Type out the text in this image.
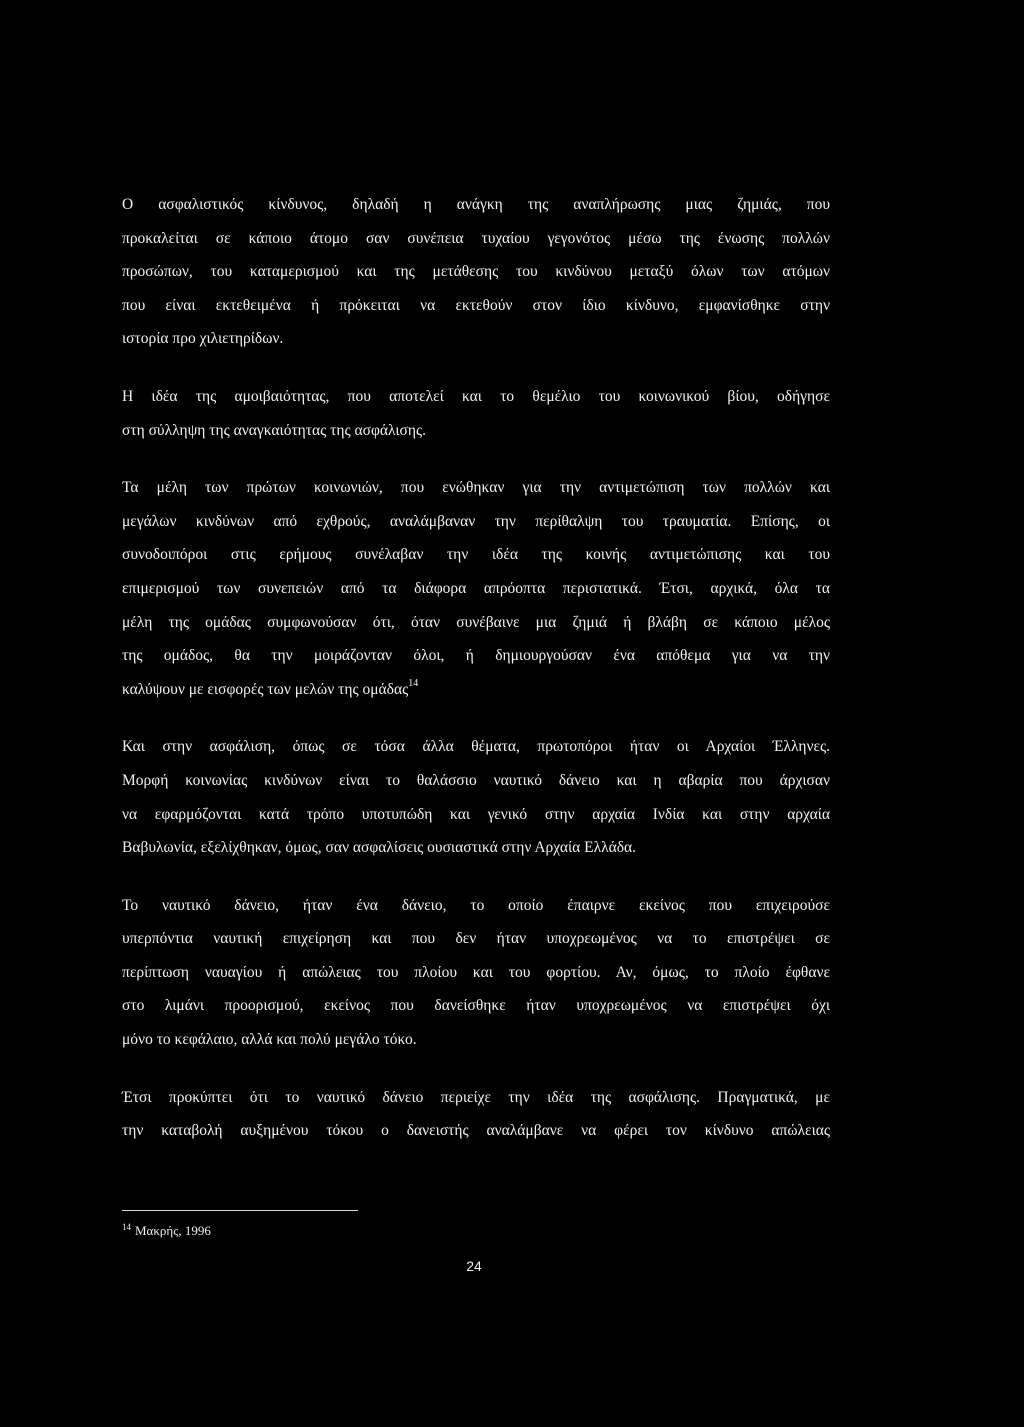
Ο ασφαλιστικός κίνδυνος, δηλαδή η ανάγκη της αναπλήρωσης μιας ζημιάς, που
προκαλείται σε κάποιο άτομο σαν συνέπεια τυχαίου γεγονότος μέσω της ένωσης πολλών
προσώπων, του καταμερισμού και της μετάθεσης του κινδύνου μεταξύ όλων των ατόμων
που είναι εκτεθειμένα ή πρόκειται να εκτεθούν στον ίδιο κίνδυνο, εμφανίσθηκε στην
ιστορία προ χιλιετηρίδων.

Η ιδέα της αμοιβαιότητας, που αποτελεί και το θεμέλιο του κοινωνικού βίου, οδήγησε
στη σύλληψη της αναγκαιότητας της ασφάλισης.

Τα μέλη των πρώτων κοινωνιών, που ενώθηκαν για την αντιμετώπιση των πολλών και
μεγάλων κινδύνων από εχθρούς, αναλάμβαναν την περίθαλψη του τραυματία. Επίσης, οι
συνοδοιπόροι στις ερήμους συνέλαβαν την ιδέα της κοινής αντιμετώπισης και του
επιμερισμού των συνεπειών από τα διάφορα απρόοπτα περιστατικά. Έτσι, αρχικά, όλα τα
μέλη της ομάδας συμφωνούσαν ότι, όταν συνέβαινε μια ζημιά ή βλάβη σε κάποιο μέλος
της ομάδος, θα την μοιράζονταν όλοι, ή δημιουργούσαν ένα απόθεμα για να την
καλύψουν με εισφορές των μελών της ομάδας$^{14}$

Και στην ασφάλιση, όπως σε τόσα άλλα θέματα, πρωτοπόροι ήταν οι Αρχαίοι Έλληνες.
Μορφή κοινωνίας κινδύνων είναι το θαλάσσιο ναυτικό δάνειο και η αβαρία που άρχισαν
να εφαρμόζονται κατά τρόπο υποτυπώδη και γενικό στην αρχαία Ινδία και στην αρχαία
Βαβυλωνία, εξελίχθηκαν, όμως, σαν ασφαλίσεις ουσιαστικά στην Αρχαία Ελλάδα.

Το ναυτικό δάνειο, ήταν ένα δάνειο, το οποίο έπαιρνε εκείνος που επιχειρούσε
υπερπόντια ναυτική επιχείρηση και που δεν ήταν υποχρεωμένος να το επιστρέψει σε
περίπτωση ναυαγίου ή απώλειας του πλοίου και του φορτίου. Αν, όμως, το πλοίο έφθανε
στο λιμάνι προορισμού, εκείνος που δανείσθηκε ήταν υποχρεωμένος να επιστρέψει όχι
μόνο το κεφάλαιο, αλλά και πολύ μεγάλο τόκο.

Έτσι προκύπτει ότι το ναυτικό δάνειο περιείχε την ιδέα της ασφάλισης. Πραγματικά, με
την καταβολή αυξημένου τόκου ο δανειστής αναλάμβανε να φέρει τον κίνδυνο απώλειας

$^{14}$ Μακρής, 1996
24
